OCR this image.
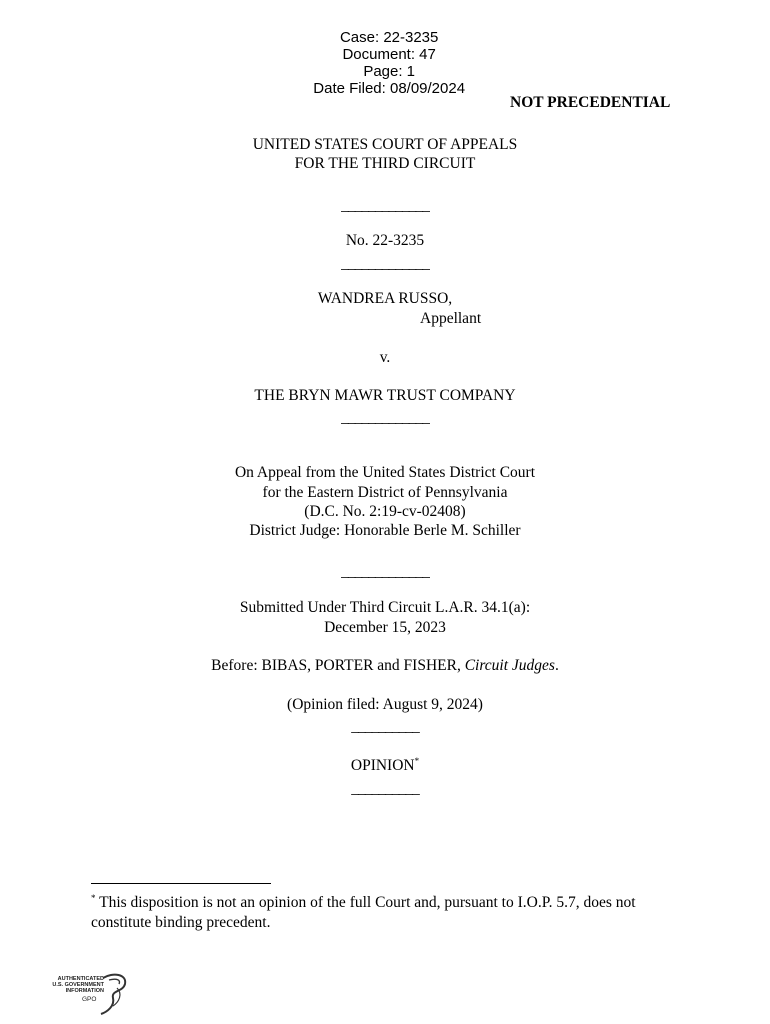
Case: 22-3235
Document: 47
Page: 1
Date Filed: 08/09/2024

NOT PRECEDENTIAL
UNITED STATES COURT OF APPEALS
FOR THE THIRD CIRCUIT
_____________
No. 22-3235
_____________
WANDREA RUSSO,
Appellant
v.
THE BRYN MAWR TRUST COMPANY
_____________
On Appeal from the United States District Court
for the Eastern District of Pennsylvania
(D.C. No. 2:19-cv-02408)
District Judge: Honorable Berle M. Schiller
_____________
Submitted Under Third Circuit L.A.R. 34.1(a):
December 15, 2023
Before: BIBAS, PORTER and FISHER, Circuit Judges.
(Opinion filed: August 9, 2024)
__________
OPINION*
__________
* This disposition is not an opinion of the full Court and, pursuant to I.O.P. 5.7, does not
constitute binding precedent.
AUTHENTICATED
U.S. GOVERNMENT
INFORMATION
GPO
